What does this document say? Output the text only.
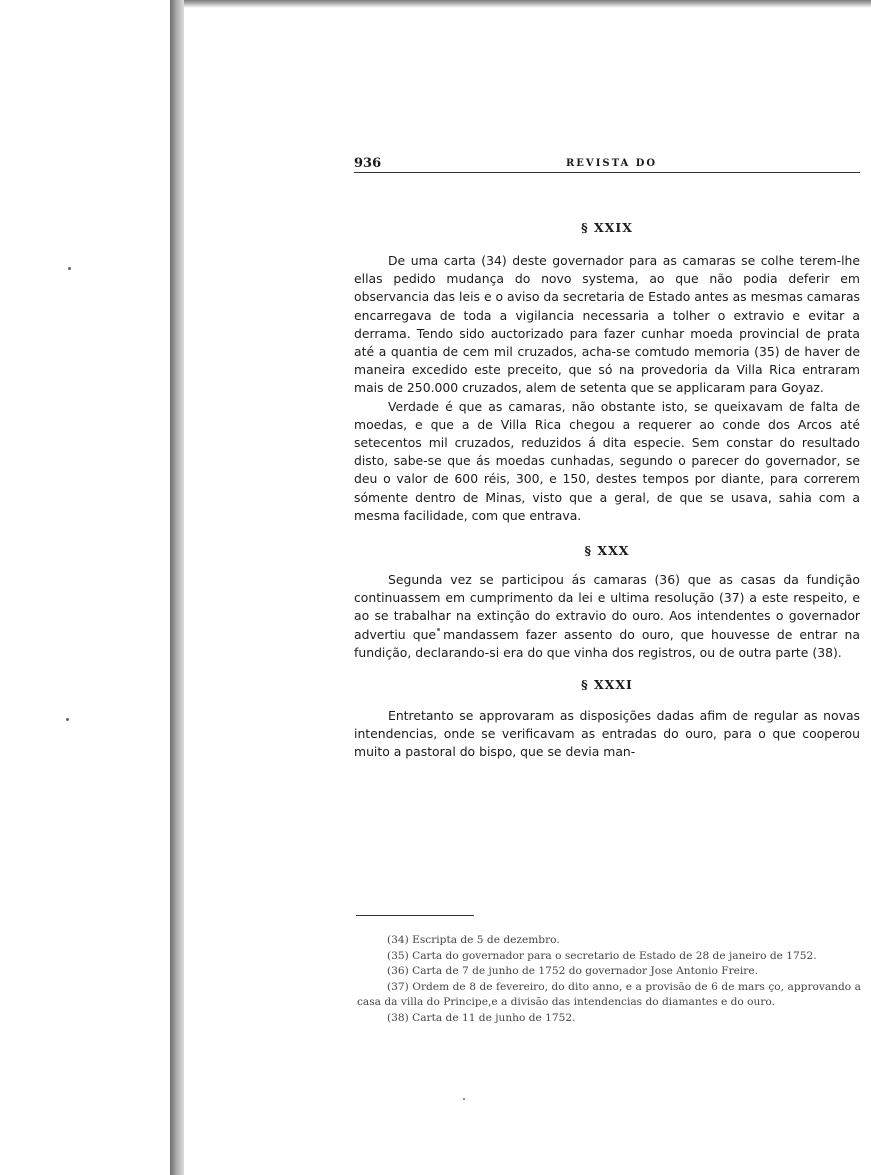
936	REVISTA DO
§ XXIX

De uma carta (34) deste governador para as camaras se colhe terem-lhe ellas pedido mudança do novo systema, ao que não podia deferir em observancia das leis e o aviso da secretaria de Estado antes as mesmas camaras encarregava de toda a vigilancia necessaria a tolher o extravio e evitar a derrama. Tendo sido auctorizado para fazer cunhar moeda provincial de prata até a quantia de cem mil cruzados, acha-se comtudo memoria (35) de haver de maneira excedido este preceito, que só na provedoria da Villa Rica entraram mais de 250.000 cruzados, alem de setenta que se applicaram para Goyaz.

Verdade é que as camaras, não obstante isto, se queixavam de falta de moedas, e que a de Villa Rica chegou a requerer ao conde dos Arcos até setecentos mil cruzados, reduzidos á dita especie. Sem constar do resultado disto, sabe-se que ás moedas cunhadas, segundo o parecer do governador, se deu o valor de 600 réis, 300, e 150, destes tempos por diante, para correrem sómente dentro de Minas, visto que a geral, de que se usava, sahia com a mesma facilidade, com que entrava.

§ XXX

Segunda vez se participou ás camaras (36) que as casas da fundição continuassem em cumprimento da lei e ultima resolução (37) a este respeito, e ao se trabalhar na extinção do extravio do ouro. Aos intendentes o governador advertiu que mandassem fazer assento do ouro, que houvesse de entrar na fundição, declarando-si era do que vinha dos registros, ou de outra parte (38).

§ XXXI

Entretanto se approvaram as disposições dadas afim de regular as novas intendencias, onde se verificavam as entradas do ouro, para o que cooperou muito a pastoral do bispo, que se devia man-

(34) Escripta de 5 de dezembro.

(35) Carta do governador para o secretario de Estado de 28 de janeiro de 1752.

(36) Carta de 7 de junho de 1752 do governador Jose Antonio Freire.

(37) Ordem de 8 de fevereiro, do dito anno, e a provisão de 6 de mars ço, approvando a casa da villa do Principe,e a divisão das intendencias do diamantes e do ouro.

(38) Carta de 11 de junho de 1752.
